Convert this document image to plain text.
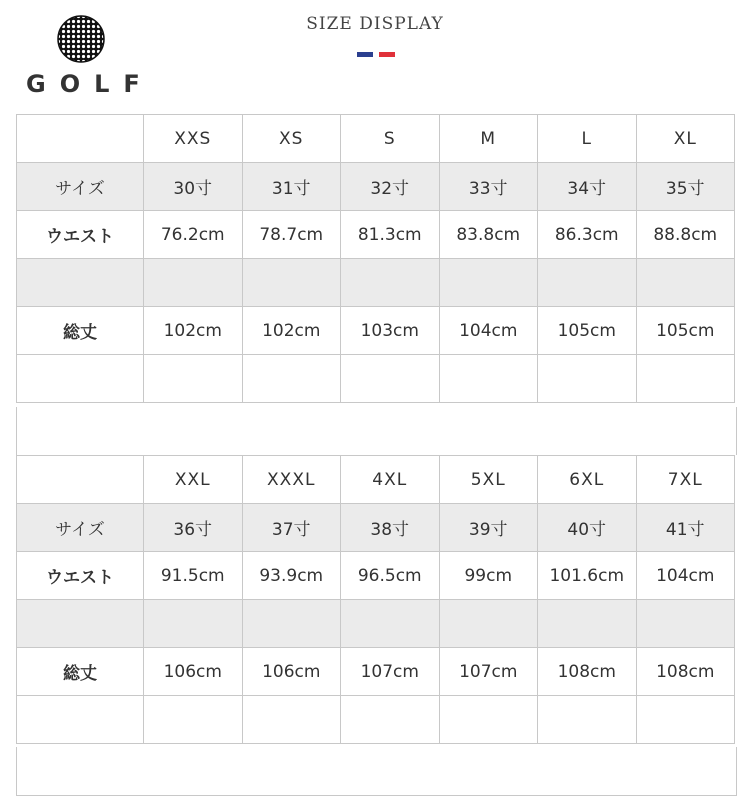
GOLF
SIZE DISPLAY
	XXS	XS	S	M	L	XL
サイズ	30寸	31寸	32寸	33寸	34寸	35寸
ウエスト	76.2cm	78.7cm	81.3cm	83.8cm	86.3cm	88.8cm

総丈	102cm	102cm	103cm	104cm	105cm	105cm

	XXL	XXXL	4XL	5XL	6XL	7XL
サイズ	36寸	37寸	38寸	39寸	40寸	41寸
ウエスト	91.5cm	93.9cm	96.5cm	99cm	101.6cm	104cm

総丈	106cm	106cm	107cm	107cm	108cm	108cm
